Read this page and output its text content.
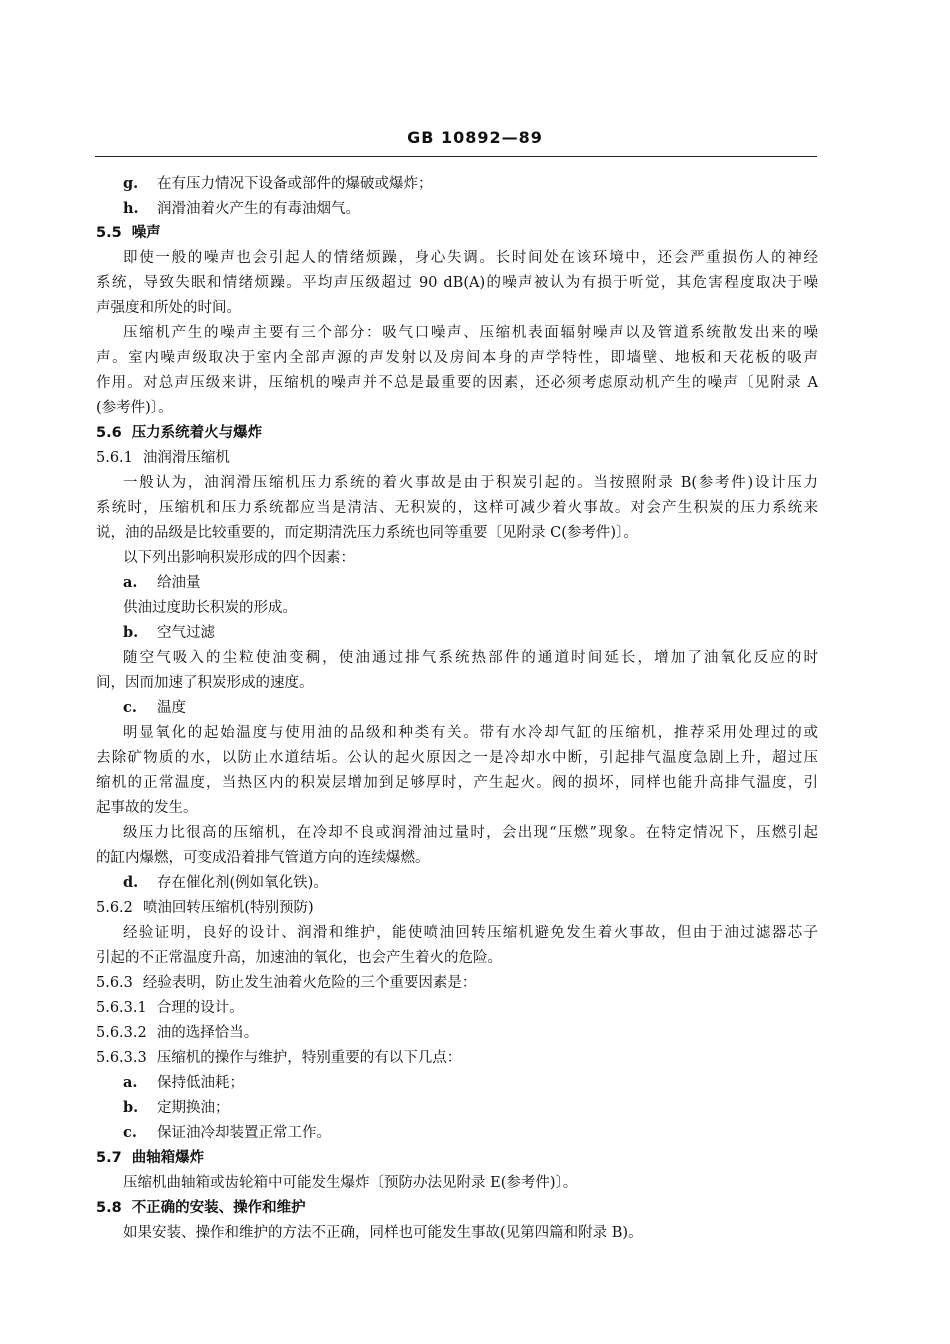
GB 10892—89
g. 在有压力情况下设备或部件的爆破或爆炸；
h. 润滑油着火产生的有毒油烟气。
5.5 噪声
即使一般的噪声也会引起人的情绪烦躁，身心失调。长时间处在该环境中，还会严重损伤人的神经
系统，导致失眠和情绪烦躁。平均声压级超过 90 dB(A)的噪声被认为有损于听觉，其危害程度取决于噪
声强度和所处的时间。
压缩机产生的噪声主要有三个部分：吸气口噪声、压缩机表面辐射噪声以及管道系统散发出来的噪
声。室内噪声级取决于室内全部声源的声发射以及房间本身的声学特性，即墙壁、地板和天花板的吸声
作用。对总声压级来讲，压缩机的噪声并不总是最重要的因素，还必须考虑原动机产生的噪声〔见附录 A
(参考件)〕。
5.6 压力系统着火与爆炸
5.6.1 油润滑压缩机
一般认为，油润滑压缩机压力系统的着火事故是由于积炭引起的。当按照附录 B(参考件)设计压力
系统时，压缩机和压力系统都应当是清洁、无积炭的，这样可减少着火事故。对会产生积炭的压力系统来
说，油的品级是比较重要的，而定期清洗压力系统也同等重要〔见附录 C(参考件)〕。
以下列出影响积炭形成的四个因素：
a. 给油量
供油过度助长积炭的形成。
b. 空气过滤
随空气吸入的尘粒使油变稠，使油通过排气系统热部件的通道时间延长，增加了油氧化反应的时
间，因而加速了积炭形成的速度。
c. 温度
明显氧化的起始温度与使用油的品级和种类有关。带有水冷却气缸的压缩机，推荐采用处理过的或
去除矿物质的水，以防止水道结垢。公认的起火原因之一是冷却水中断，引起排气温度急剧上升，超过压
缩机的正常温度，当热区内的积炭层增加到足够厚时，产生起火。阀的损坏，同样也能升高排气温度，引
起事故的发生。
级压力比很高的压缩机，在冷却不良或润滑油过量时，会出现“压燃”现象。在特定情况下，压燃引起
的缸内爆燃，可变成沿着排气管道方向的连续爆燃。
d. 存在催化剂(例如氧化铁)。
5.6.2 喷油回转压缩机(特别预防)
经验证明，良好的设计、润滑和维护，能使喷油回转压缩机避免发生着火事故，但由于油过滤器芯子
引起的不正常温度升高，加速油的氧化，也会产生着火的危险。
5.6.3 经验表明，防止发生油着火危险的三个重要因素是：
5.6.3.1 合理的设计。
5.6.3.2 油的选择恰当。
5.6.3.3 压缩机的操作与维护，特别重要的有以下几点：
a. 保持低油耗；
b. 定期换油；
c. 保证油冷却装置正常工作。
5.7 曲轴箱爆炸
压缩机曲轴箱或齿轮箱中可能发生爆炸〔预防办法见附录 E(参考件)〕。
5.8 不正确的安装、操作和维护
如果安装、操作和维护的方法不正确，同样也可能发生事故(见第四篇和附录 B)。
